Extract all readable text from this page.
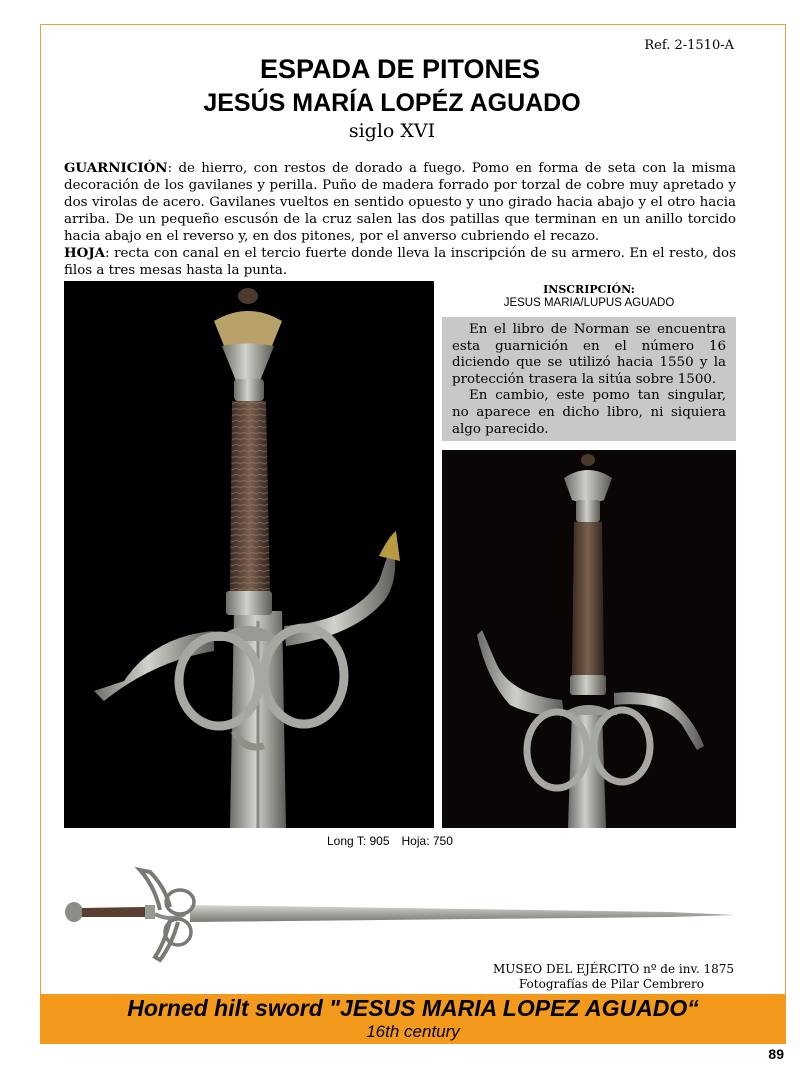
Ref. 2-1510-A
ESPADA DE PITONES
JESÚS MARÍA LOPÉZ AGUADO
siglo XVI

GUARNICIÓN: de hierro, con restos de dorado a fuego. Pomo en forma de seta con la misma decoración de los gavilanes y perilla. Puño de madera forrado por torzal de cobre muy apretado y dos virolas de acero. Gavilanes vueltos en sentido opuesto y uno girado hacia abajo y el otro hacia arriba. De un pequeño escusón de la cruz salen las dos patillas que terminan en un anillo torcido hacia abajo en el reverso y, en dos pitones, por el anverso cubriendo el recazo.

HOJA: recta con canal en el tercio fuerte donde lleva la inscripción de su armero. En el resto, dos filos a tres mesas hasta la punta.

INSCRIPCIÓN:
JESUS MARIA/LUPUS AGUADO

En el libro de Norman se encuentra esta guarnición en el número 16 diciendo que se utilizó hacia 1550 y la protección trasera la sitúa sobre 1500.

En cambio, este pomo tan singular, no aparece en dicho libro, ni siquiera algo parecido.

Long T: 905 Hoja: 750
MUSEO DEL EJÉRCITO nº de inv. 1875
Fotografías de Pilar Cembrero
Horned hilt sword "JESUS MARIA LOPEZ AGUADO“
16th century
89
